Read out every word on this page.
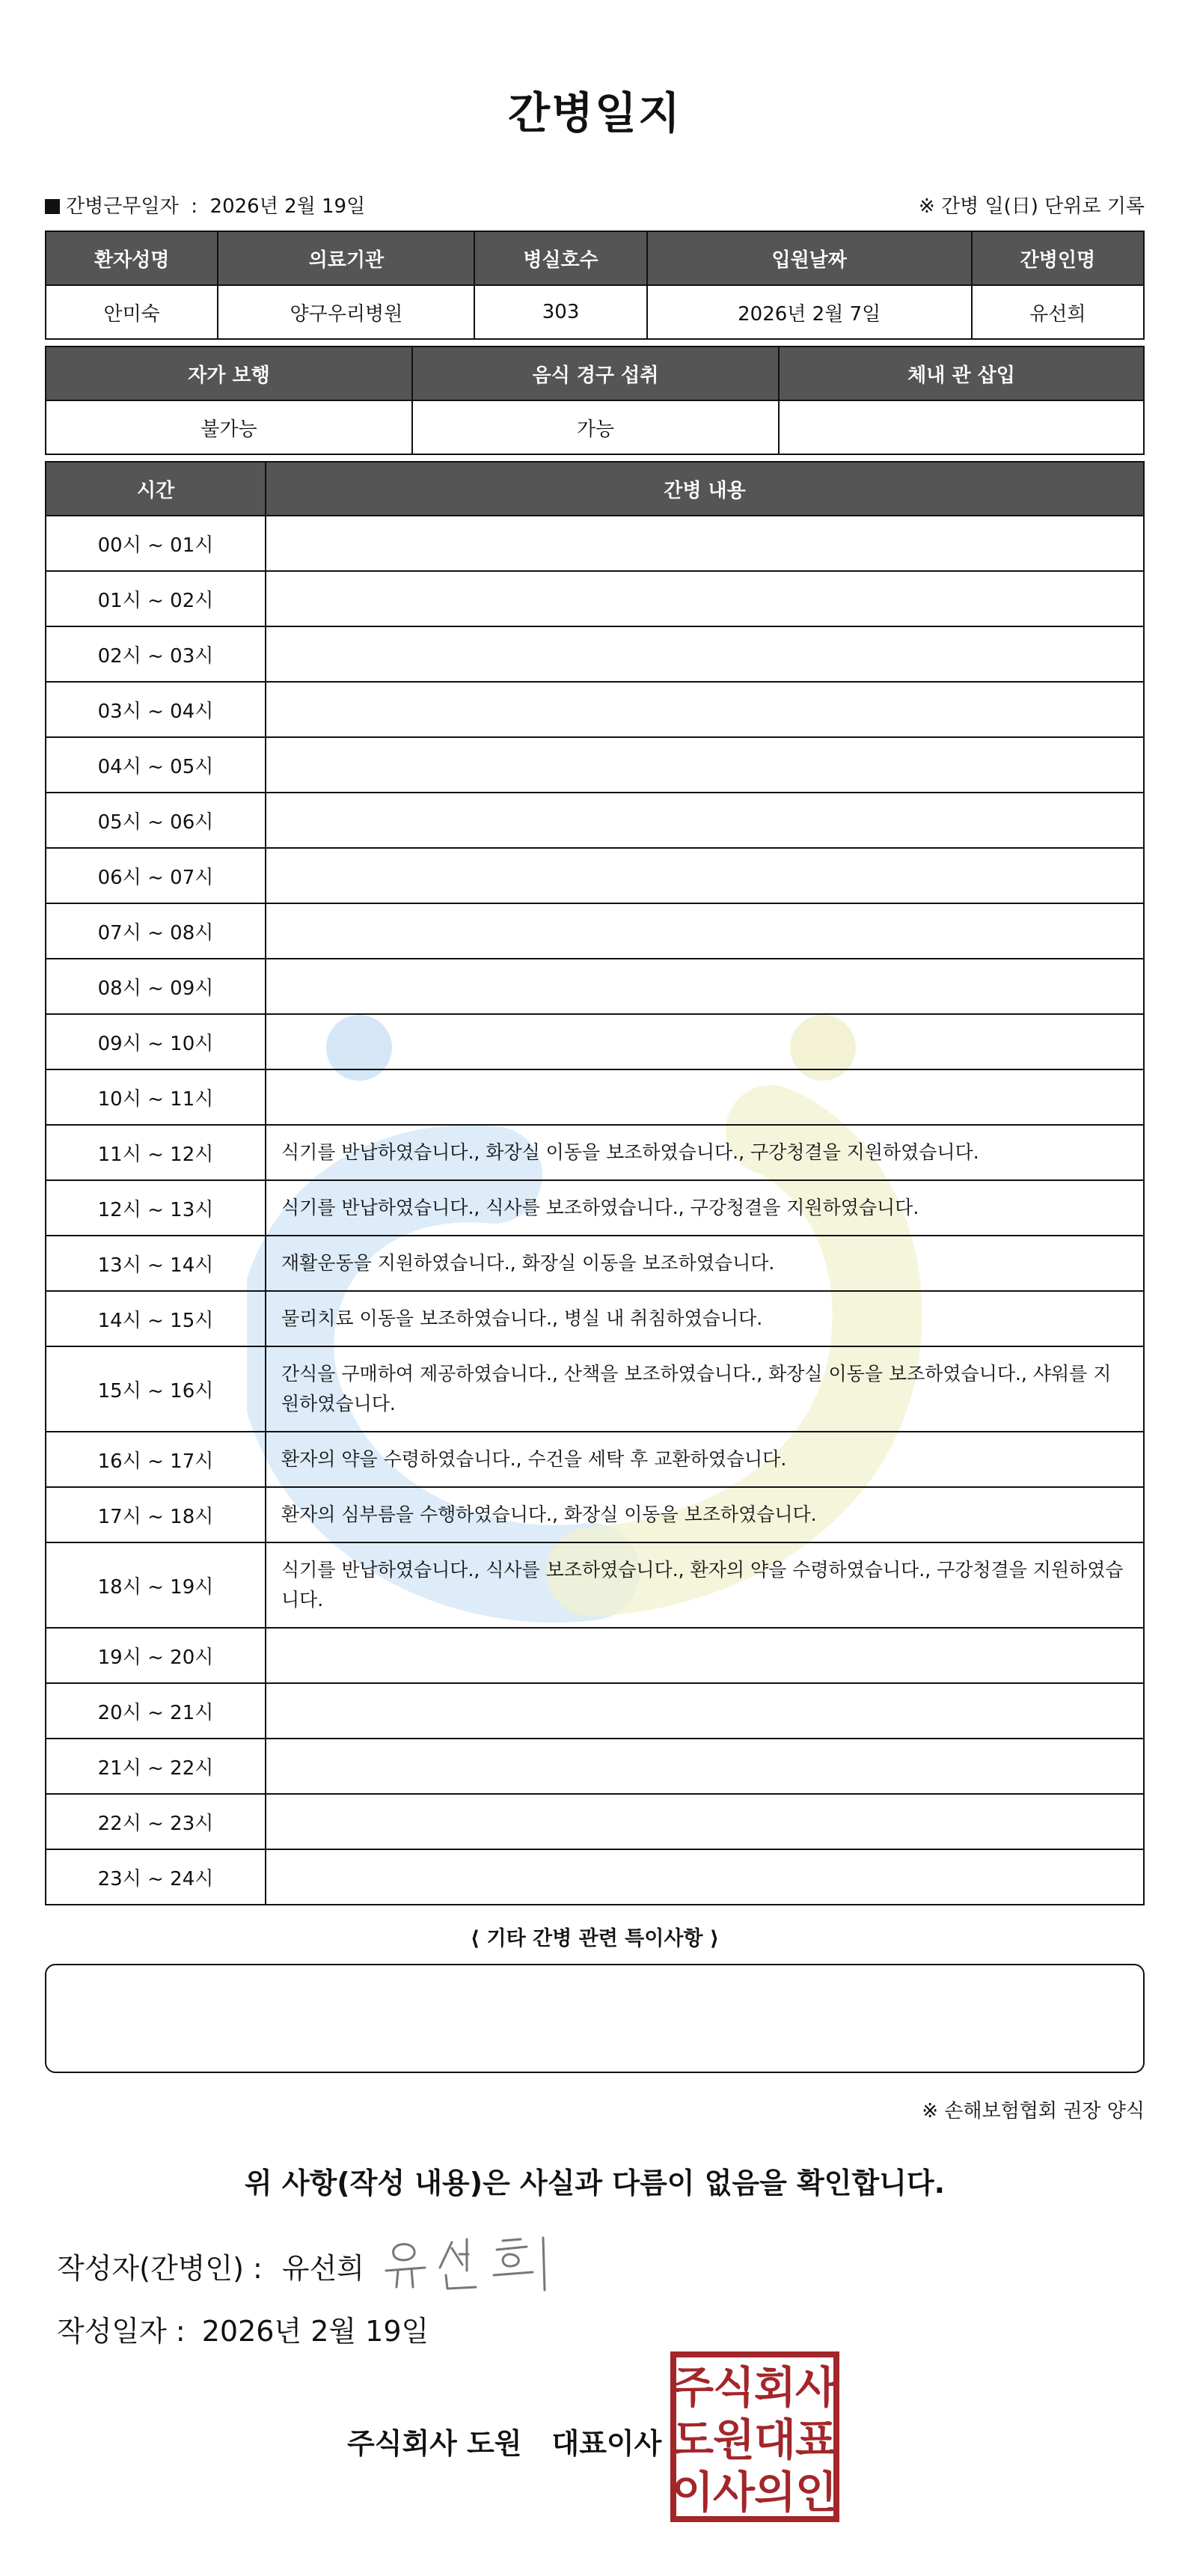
간병일지
간병근무일자 : 2026년 2월 19일	※ 간병 일(日) 단위로 기록
환자성명	의료기관	병실호수	입원날짜	간병인명
안미숙	양구우리병원	303	2026년 2월 7일	유선희
자가 보행	음식 경구 섭취	체내 관 삽입
불가능	가능	
시간	간병 내용
00시 ~ 01시	
01시 ~ 02시	
02시 ~ 03시	
03시 ~ 04시	
04시 ~ 05시	
05시 ~ 06시	
06시 ~ 07시	
07시 ~ 08시	
08시 ~ 09시	
09시 ~ 10시	
10시 ~ 11시	
11시 ~ 12시	식기를 반납하였습니다., 화장실 이동을 보조하였습니다., 구강청결을 지원하였습니다.
12시 ~ 13시	식기를 반납하였습니다., 식사를 보조하였습니다., 구강청결을 지원하였습니다.
13시 ~ 14시	재활운동을 지원하였습니다., 화장실 이동을 보조하였습니다.
14시 ~ 15시	물리치료 이동을 보조하였습니다., 병실 내 취침하였습니다.
15시 ~ 16시	간식을 구매하여 제공하였습니다., 산책을 보조하였습니다., 화장실 이동을 보조하였습니다., 샤워를 지원하였습니다.
16시 ~ 17시	환자의 약을 수령하였습니다., 수건을 세탁 후 교환하였습니다.
17시 ~ 18시	환자의 심부름을 수행하였습니다., 화장실 이동을 보조하였습니다.
18시 ~ 19시	식기를 반납하였습니다., 식사를 보조하였습니다., 환자의 약을 수령하였습니다., 구강청결을 지원하였습니다.
19시 ~ 20시	
20시 ~ 21시	
21시 ~ 22시	
22시 ~ 23시	
23시 ~ 24시	
⟨ 기타 간병 관련 특이사항 ⟩
※ 손해보험협회 권장 양식
위 사항(작성 내용)은 사실과 다름이 없음을 확인합니다.
작성자(간병인) : 유선희
작성일자 : 2026년 2월 19일
주식회사 도원 대표이사
주
식
회
사
도
원
대
표
이
사
의
인
